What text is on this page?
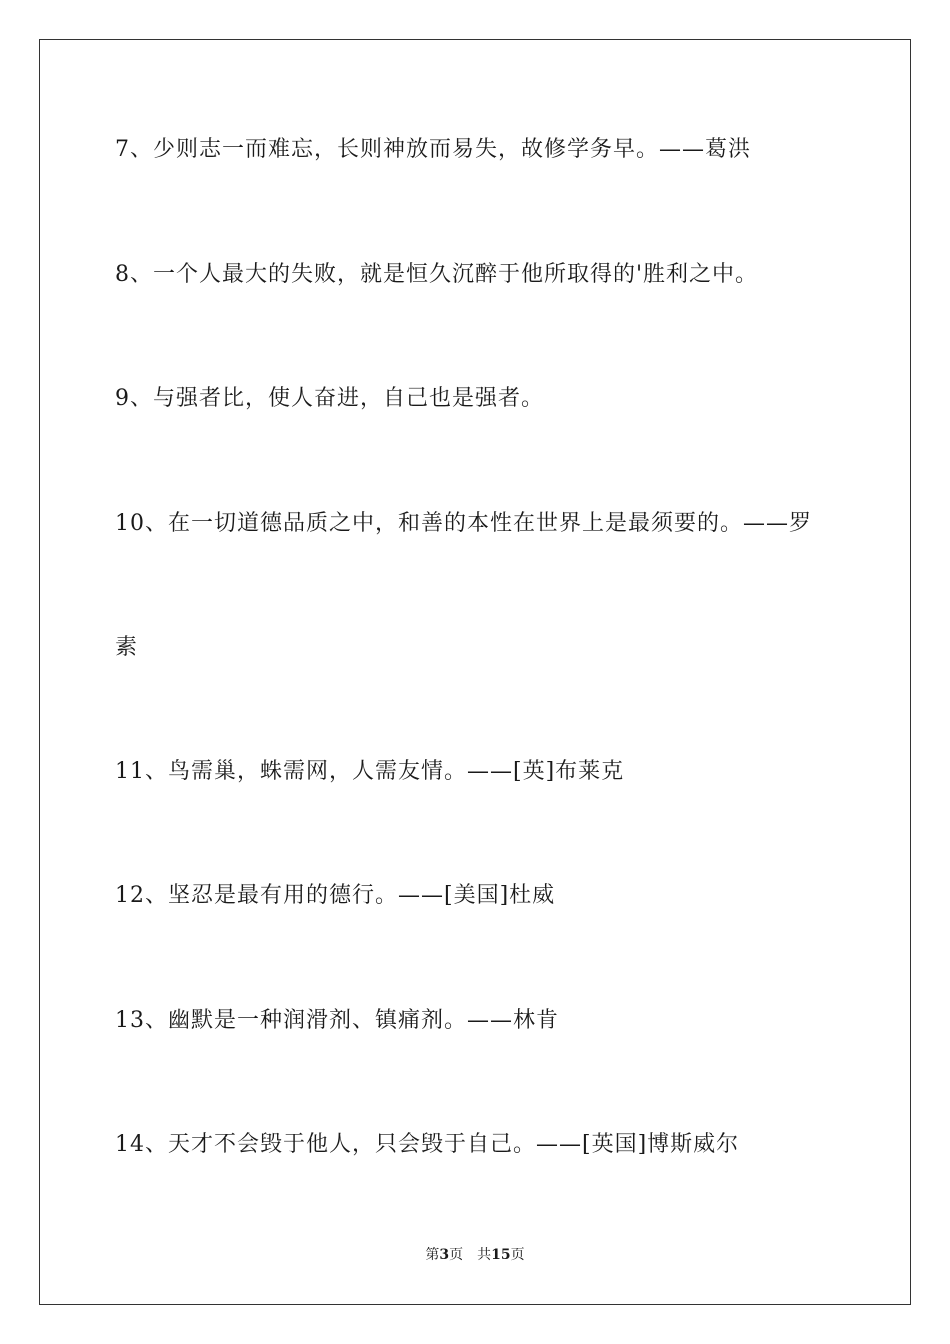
7、少则志一而难忘，长则神放而易失，故修学务早。——葛洪
8、一个人最大的失败，就是恒久沉醉于他所取得的'胜利之中。
9、与强者比，使人奋进，自己也是强者。
10、在一切道德品质之中，和善的本性在世界上是最须要的。——罗
素
11、鸟需巢，蛛需网，人需友情。——[英]布莱克
12、坚忍是最有用的德行。——[美国]杜威
13、幽默是一种润滑剂、镇痛剂。——林肯
14、天才不会毁于他人，只会毁于自己。——[英国]博斯威尔
第3页 共15页
